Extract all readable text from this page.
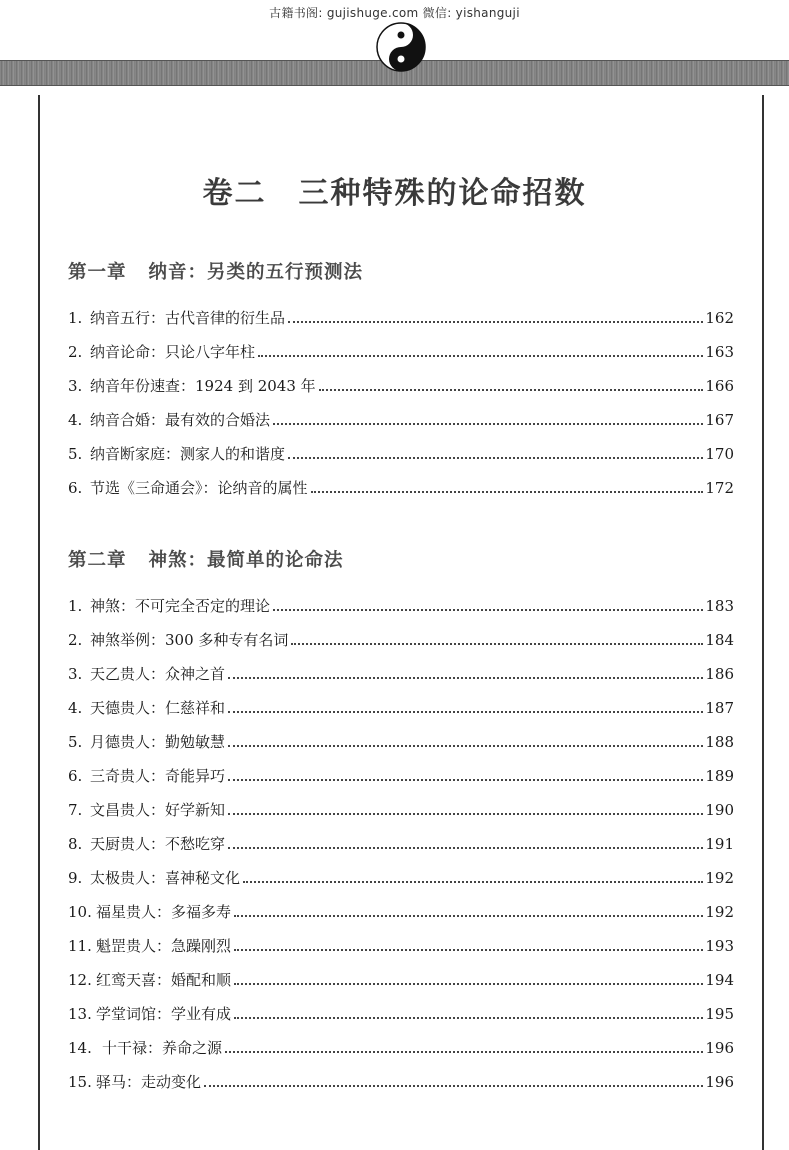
古籍书阁: gujishuge.com 微信: yishanguji
卷二　三种特殊的论命招数
第一章 纳音：另类的五行预测法
1. 纳音五行：古代音律的衍生品	162
2. 纳音论命：只论八字年柱	163
3. 纳音年份速查：1924 到 2043 年	166
4. 纳音合婚：最有效的合婚法	167
5. 纳音断家庭：测家人的和谐度	170
6. 节选《三命通会》：论纳音的属性	172
第二章 神煞：最简单的论命法
1. 神煞：不可完全否定的理论	183
2. 神煞举例：300 多种专有名词	184
3. 天乙贵人：众神之首	186
4. 天德贵人：仁慈祥和	187
5. 月德贵人：勤勉敏慧	188
6. 三奇贵人：奇能异巧	189
7. 文昌贵人：好学新知	190
8. 天厨贵人：不愁吃穿	191
9. 太极贵人：喜神秘文化	192
10. 福星贵人：多福多寿	192
11. 魁罡贵人：急躁刚烈	193
12. 红鸾天喜：婚配和顺	194
13. 学堂词馆：学业有成	195
14. 十干禄：养命之源	196
15. 驿马：走动变化	196
